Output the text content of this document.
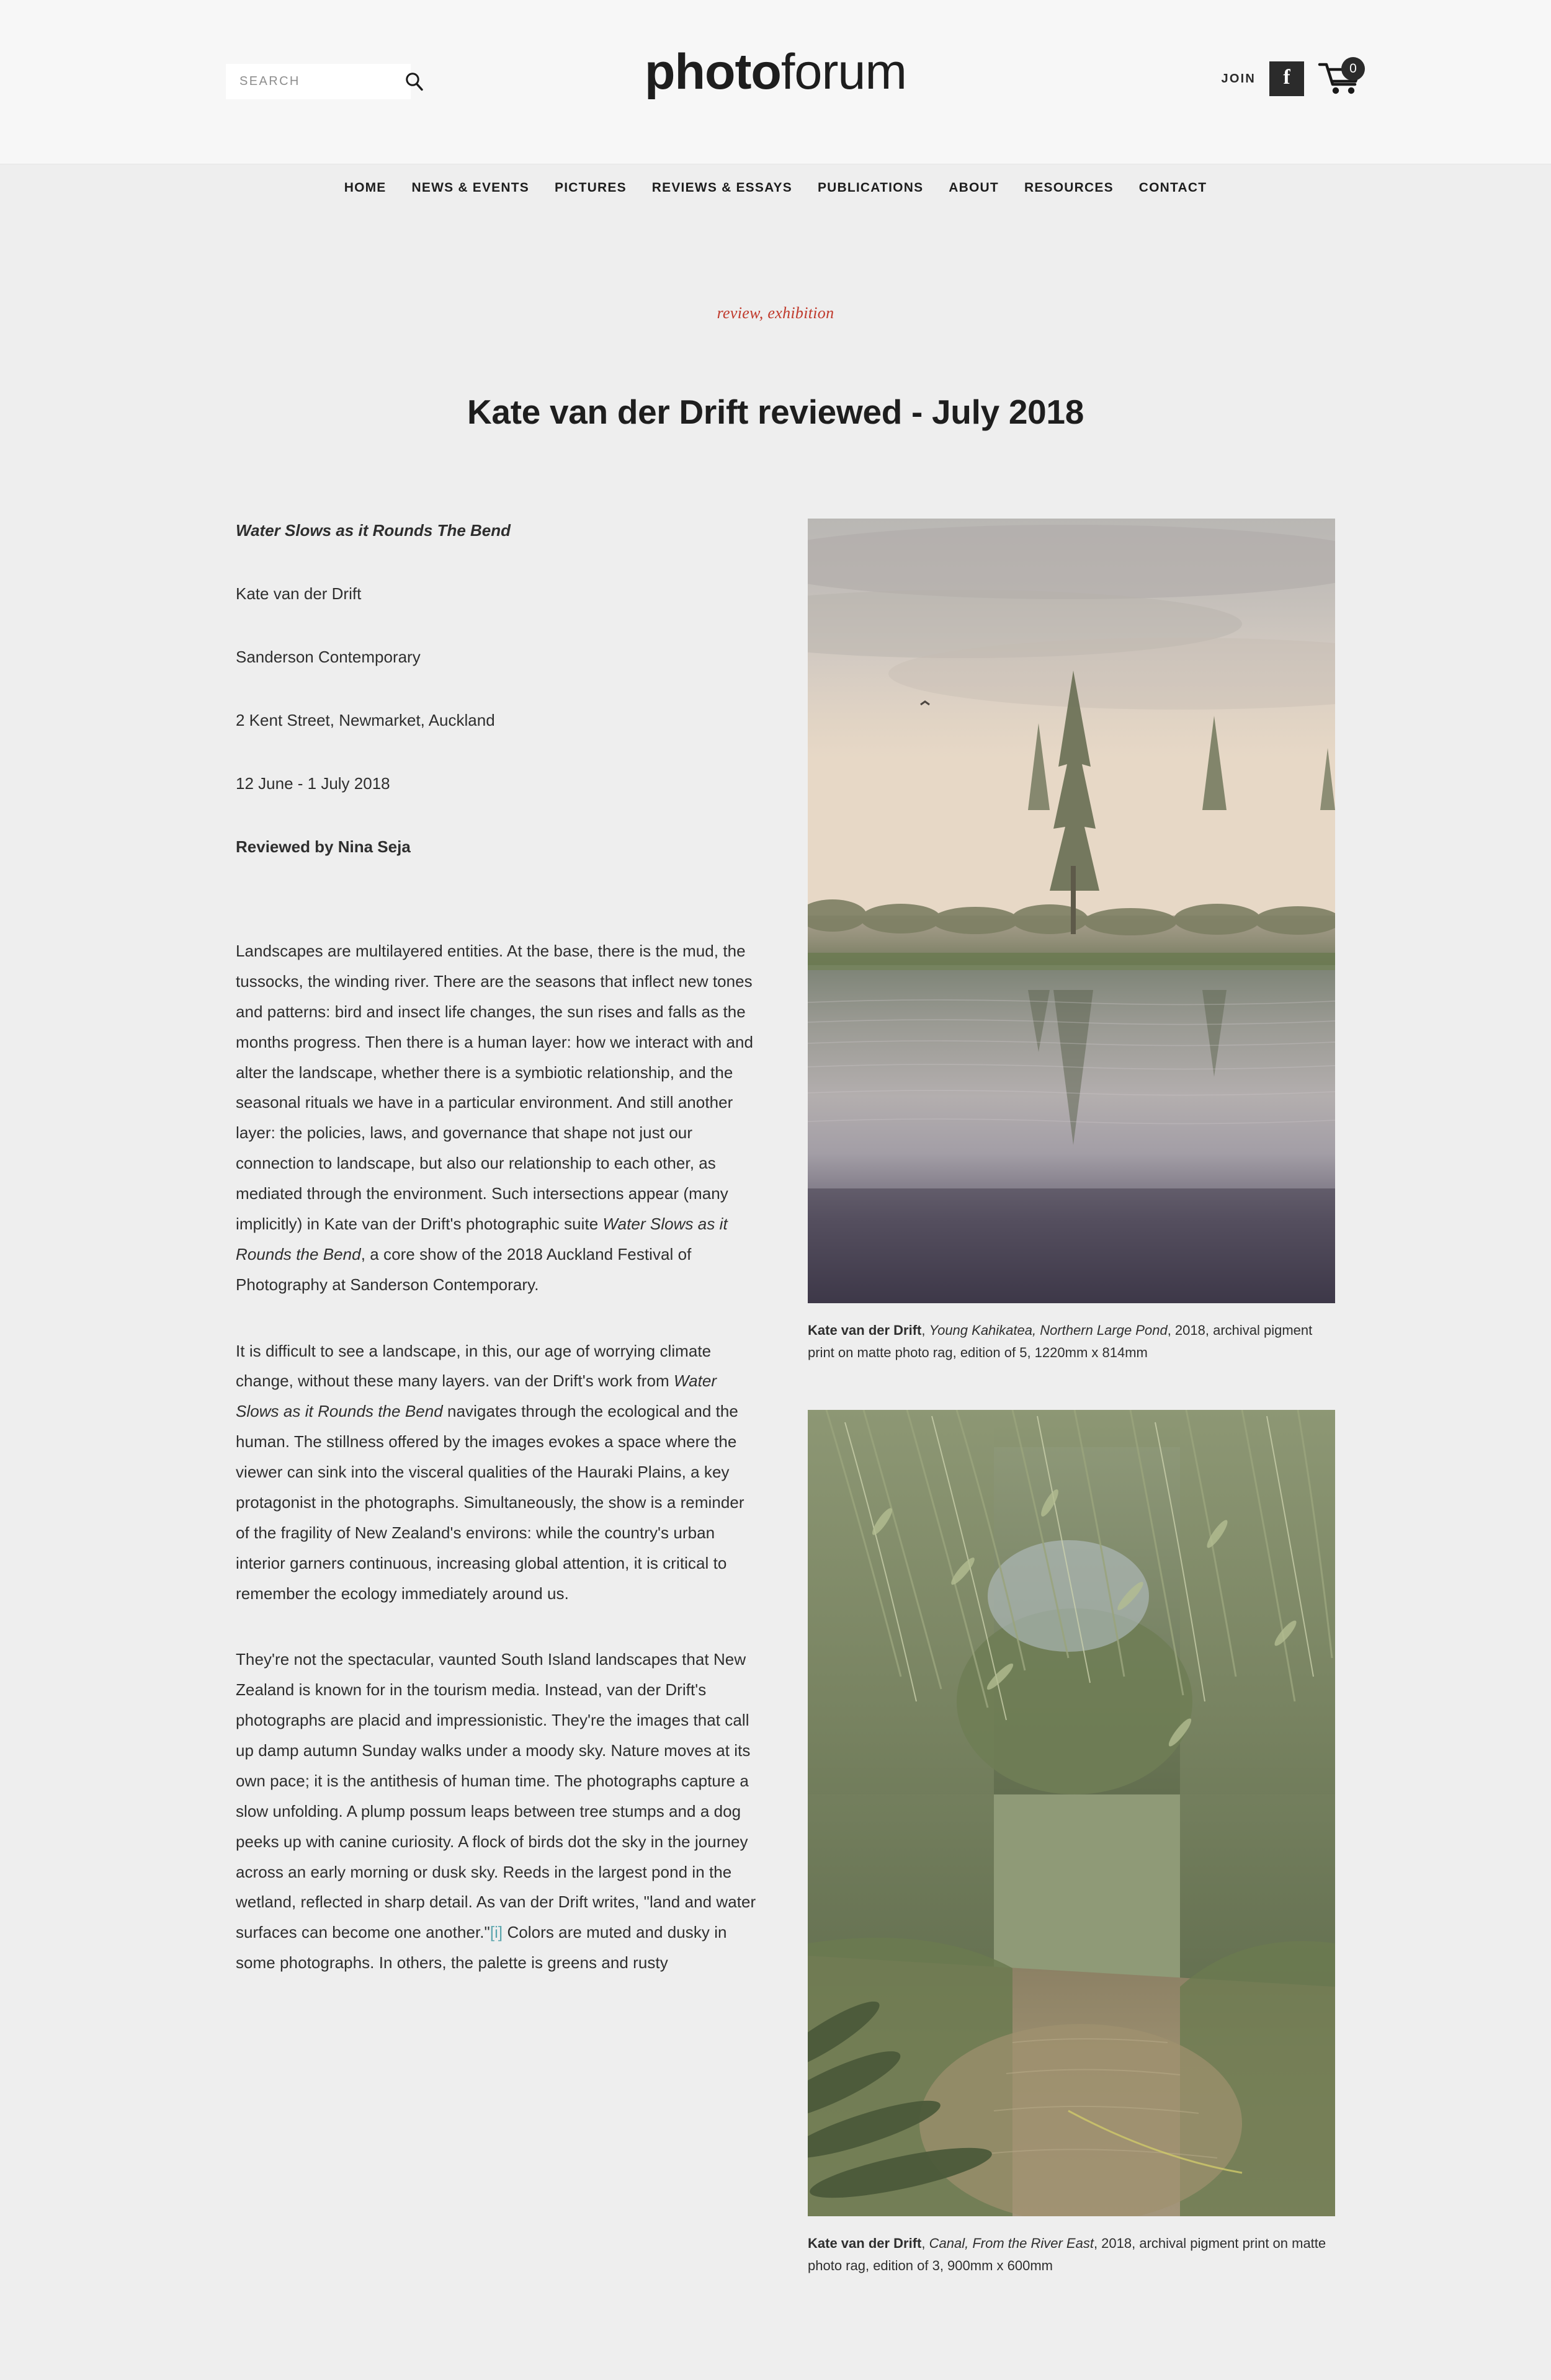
SEARCH
photoforum	JOIN f	0
HOME NEWS & EVENTS PICTURES REVIEWS & ESSAYS PUBLICATIONS ABOUT RESOURCES CONTACT
review, exhibition
Kate van der Drift reviewed - July 2018
Water Slows as it Rounds The Bend
Kate van der Drift
Sanderson Contemporary
2 Kent Street, Newmarket, Auckland
12 June - 1 July 2018
Reviewed by Nina Seja

Landscapes are multilayered entities. At the base, there is the mud, the tussocks, the winding river. There are the seasons that inflect new tones and patterns: bird and insect life changes, the sun rises and falls as the months progress. Then there is a human layer: how we interact with and alter the landscape, whether there is a symbiotic relationship, and the seasonal rituals we have in a particular environment. And still another layer: the policies, laws, and governance that shape not just our connection to landscape, but also our relationship to each other, as mediated through the environment. Such intersections appear (many implicitly) in Kate van der Drift's photographic suite Water Slows as it Rounds the Bend, a core show of the 2018 Auckland Festival of Photography at Sanderson Contemporary.

It is difficult to see a landscape, in this, our age of worrying climate change, without these many layers. van der Drift's work from Water Slows as it Rounds the Bend navigates through the ecological and the human. The stillness offered by the images evokes a space where the viewer can sink into the visceral qualities of the Hauraki Plains, a key protagonist in the photographs. Simultaneously, the show is a reminder of the fragility of New Zealand's environs: while the country's urban interior garners continuous, increasing global attention, it is critical to remember the ecology immediately around us.

They're not the spectacular, vaunted South Island landscapes that New Zealand is known for in the tourism media. Instead, van der Drift's photographs are placid and impressionistic. They're the images that call up damp autumn Sunday walks under a moody sky. Nature moves at its own pace; it is the antithesis of human time. The photographs capture a slow unfolding. A plump possum leaps between tree stumps and a dog peeks up with canine curiosity. A flock of birds dot the sky in the journey across an early morning or dusk sky. Reeds in the largest pond in the wetland, reflected in sharp detail. As van der Drift writes, "land and water surfaces can become one another."[i] Colors are muted and dusky in some photographs. In others, the palette is greens and rusty

Kate van der Drift, Young Kahikatea, Northern Large Pond, 2018, archival pigment print on matte photo rag, edition of 5, 1220mm x 814mm
Kate van der Drift, Canal, From the River East, 2018, archival pigment print on matte photo rag, edition of 3, 900mm x 600mm
